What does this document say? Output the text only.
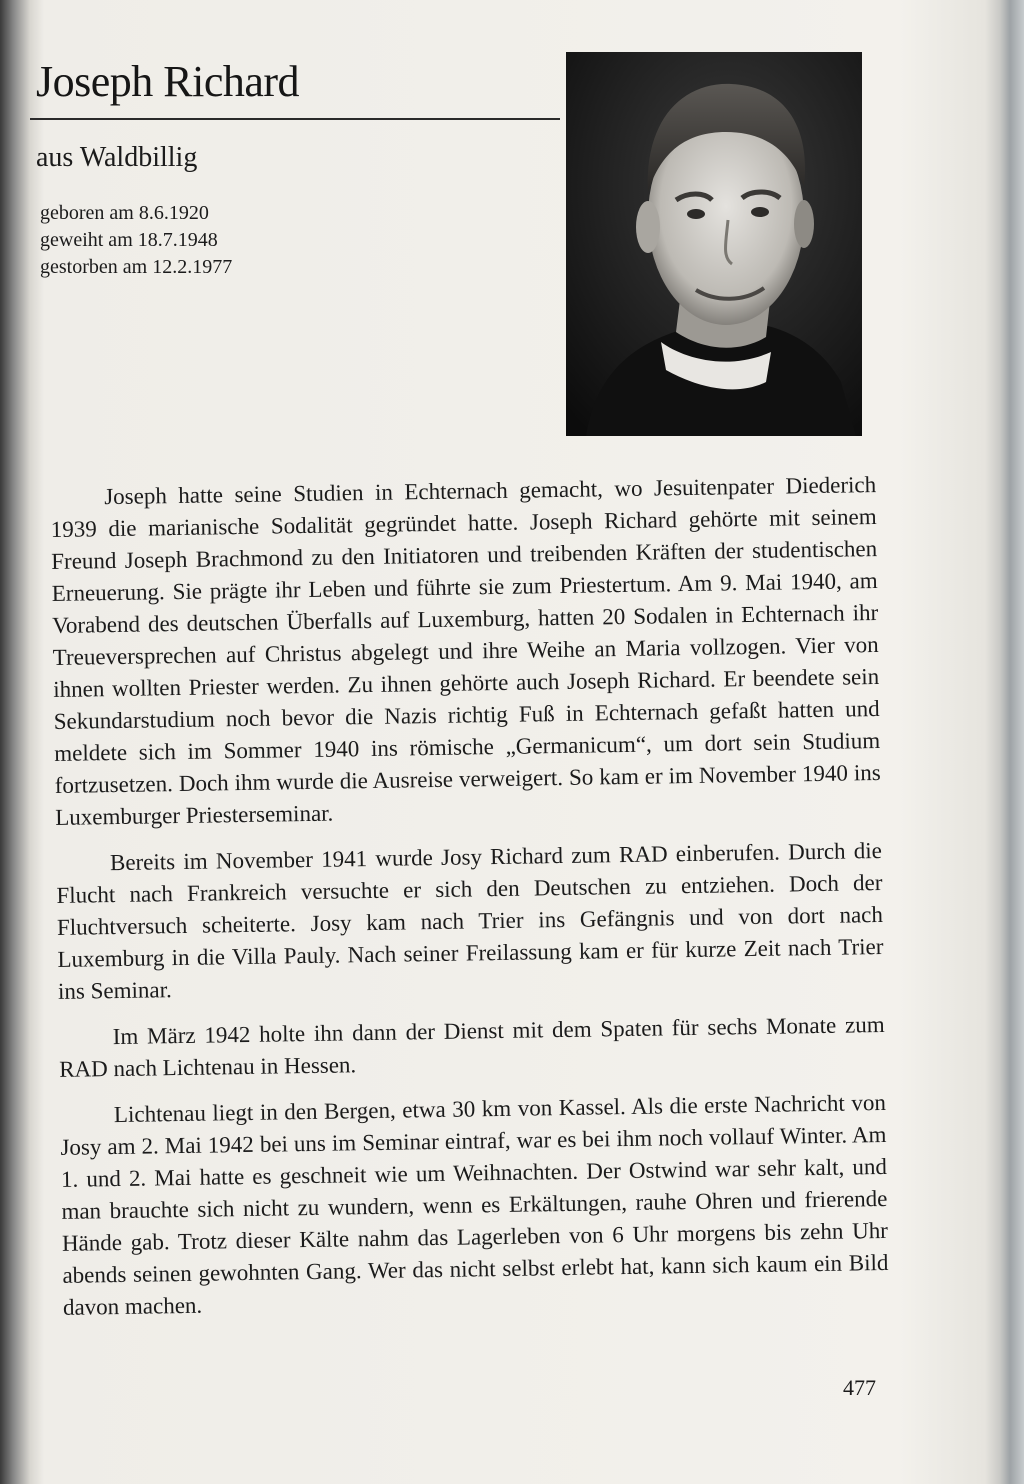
Joseph Richard
aus Waldbillig
geboren am 8.6.1920
geweiht am 18.7.1948
gestorben am 12.2.1977

Joseph hatte seine Studien in Echternach gemacht, wo Jesuitenpater Diederich 1939 die marianische Sodalität gegründet hatte. Joseph Richard gehörte mit seinem Freund Joseph Brachmond zu den Initiatoren und treibenden Kräften der studentischen Erneuerung. Sie prägte ihr Leben und führte sie zum Priestertum. Am 9. Mai 1940, am Vorabend des deutschen Überfalls auf Luxemburg, hatten 20 Sodalen in Echternach ihr Treueversprechen auf Christus abgelegt und ihre Weihe an Maria vollzogen. Vier von ihnen wollten Priester werden. Zu ihnen gehörte auch Joseph Richard. Er beendete sein Sekundarstudium noch bevor die Nazis richtig Fuß in Echternach gefaßt hatten und meldete sich im Sommer 1940 ins römische „Germanicum“, um dort sein Studium fortzusetzen. Doch ihm wurde die Ausreise verweigert. So kam er im November 1940 ins Luxemburger Priesterseminar.

Bereits im November 1941 wurde Josy Richard zum RAD einberufen. Durch die Flucht nach Frankreich versuchte er sich den Deutschen zu entziehen. Doch der Fluchtversuch scheiterte. Josy kam nach Trier ins Gefängnis und von dort nach Luxemburg in die Villa Pauly. Nach seiner Freilassung kam er für kurze Zeit nach Trier ins Seminar.

Im März 1942 holte ihn dann der Dienst mit dem Spaten für sechs Monate zum RAD nach Lichtenau in Hessen.

Lichtenau liegt in den Bergen, etwa 30 km von Kassel. Als die erste Nachricht von Josy am 2. Mai 1942 bei uns im Seminar eintraf, war es bei ihm noch vollauf Winter. Am 1. und 2. Mai hatte es geschneit wie um Weihnachten. Der Ostwind war sehr kalt, und man brauchte sich nicht zu wundern, wenn es Erkältungen, rauhe Ohren und frierende Hände gab. Trotz dieser Kälte nahm das Lagerleben von 6 Uhr morgens bis zehn Uhr abends seinen gewohnten Gang. Wer das nicht selbst erlebt hat, kann sich kaum ein Bild davon machen.

477
